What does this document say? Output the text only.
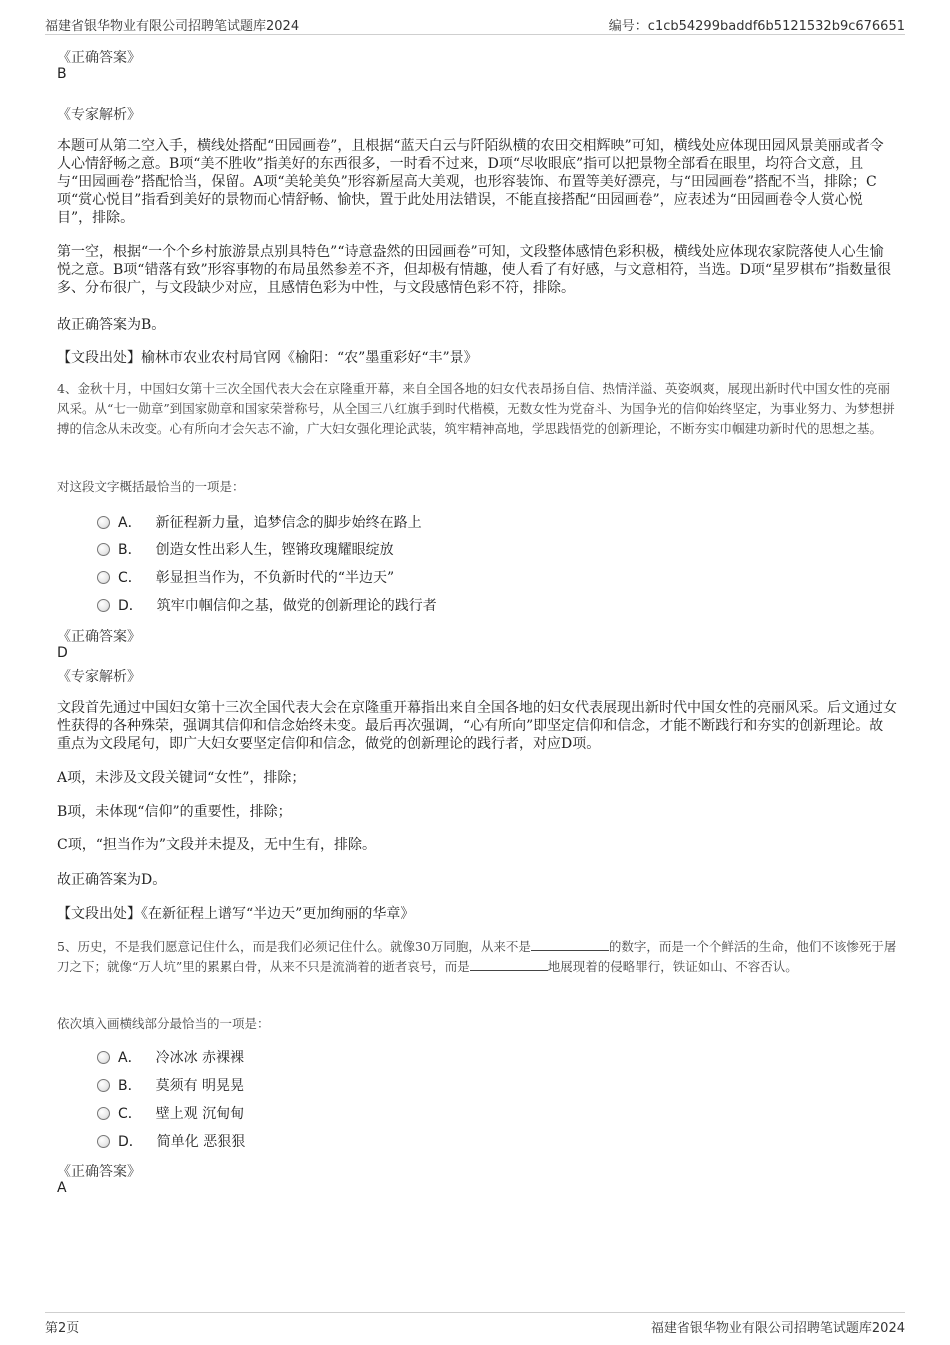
福建省银华物业有限公司招聘笔试题库2024	编号：c1cb54299baddf6b5121532b9c676651
《正确答案》
B
《专家解析》
本题可从第二空入手，横线处搭配“田园画卷”，且根据“蓝天白云与阡陌纵横的农田交相辉映”可知，横线处应体现田园风景美丽或者令人心情舒畅之意。B项“美不胜收”指美好的东西很多，一时看不过来，D项“尽收眼底”指可以把景物全部看在眼里，均符合文意，且与“田园画卷”搭配恰当，保留。A项“美轮美奂”形容新屋高大美观，也形容装饰、布置等美好漂亮，与“田园画卷”搭配不当，排除；C项“赏心悦目”指看到美好的景物而心情舒畅、愉快，置于此处用法错误，不能直接搭配“田园画卷”，应表述为“田园画卷令人赏心悦目”，排除。
第一空，根据“一个个乡村旅游景点别具特色”“诗意盎然的田园画卷”可知，文段整体感情色彩积极，横线处应体现农家院落使人心生愉悦之意。B项“错落有致”形容事物的布局虽然参差不齐，但却极有情趣，使人看了有好感，与文意相符，当选。D项“星罗棋布”指数量很多、分布很广，与文段缺少对应，且感情色彩为中性，与文段感情色彩不符，排除。
故正确答案为B。
【文段出处】榆林市农业农村局官网《榆阳：“农”墨重彩好“丰”景》
4、金秋十月，中国妇女第十三次全国代表大会在京隆重开幕，来自全国各地的妇女代表昂扬自信、热情洋溢、英姿飒爽，展现出新时代中国女性的亮丽风采。从“七一勋章”到国家勋章和国家荣誉称号，从全国三八红旗手到时代楷模，无数女性为党奋斗、为国争光的信仰始终坚定，为事业努力、为梦想拼搏的信念从未改变。心有所向才会矢志不渝，广大妇女强化理论武装，筑牢精神高地，学思践悟党的创新理论，不断夯实巾帼建功新时代的思想之基。
对这段文字概括最恰当的一项是：
A． 新征程新力量，追梦信念的脚步始终在路上
B． 创造女性出彩人生，铿锵玫瑰耀眼绽放
C． 彰显担当作为，不负新时代的“半边天”
D． 筑牢巾帼信仰之基，做党的创新理论的践行者
《正确答案》
D
《专家解析》
文段首先通过中国妇女第十三次全国代表大会在京隆重开幕指出来自全国各地的妇女代表展现出新时代中国女性的亮丽风采。后文通过女性获得的各种殊荣，强调其信仰和信念始终未变。最后再次强调，“心有所向”即坚定信仰和信念，才能不断践行和夯实的创新理论。故重点为文段尾句，即广大妇女要坚定信仰和信念，做党的创新理论的践行者，对应D项。
A项，未涉及文段关键词“女性”，排除；
B项，未体现“信仰”的重要性，排除；
C项，“担当作为”文段并未提及，无中生有，排除。
故正确答案为D。
【文段出处】《在新征程上谱写“半边天”更加绚丽的华章》
5、历史，不是我们愿意记住什么，而是我们必须记住什么。就像30万同胞，从来不是	的数字，而是一个个鲜活的生命，他们不该惨死于屠刀之下；就像“万人坑”里的累累白骨，从来不只是流淌着的逝者哀号，而是	地展现着的侵略罪行，铁证如山、不容否认。
依次填入画横线部分最恰当的一项是：
A． 冷冰冰 赤裸裸
B． 莫须有 明晃晃
C． 壁上观 沉甸甸
D． 简单化 恶狠狠
《正确答案》
A
第2页	福建省银华物业有限公司招聘笔试题库2024
